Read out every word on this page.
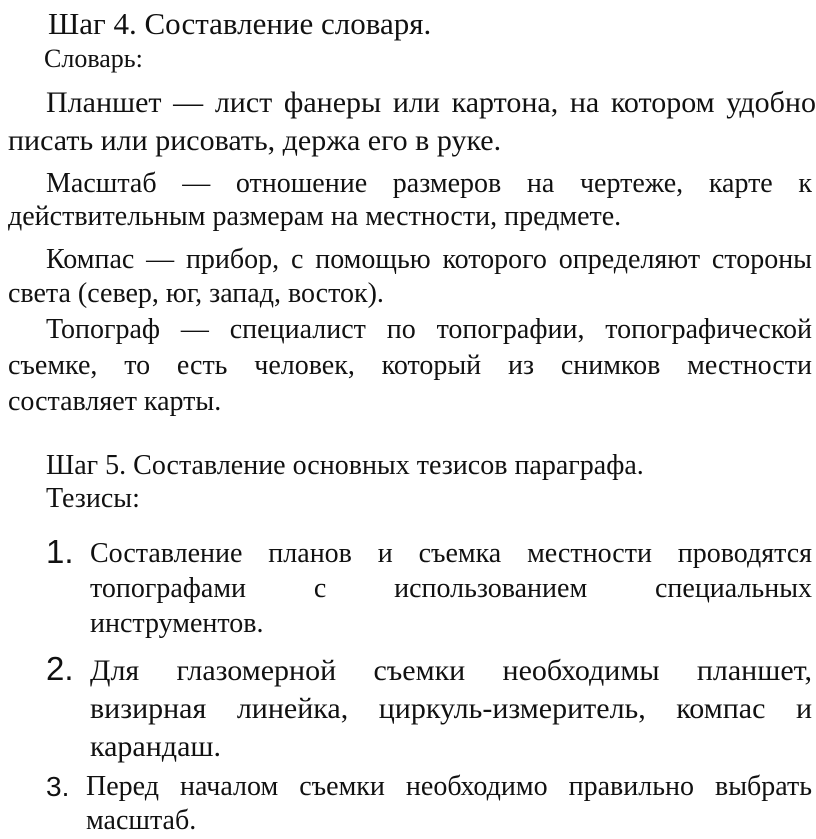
Шаг 4. Составление словаря.
Словарь:
Планшет — лист фанеры или картона, на котором удобно
писать или рисовать, держа его в руке.
Масштаб — отношение размеров на чертеже, карте к
действительным размерам на местности, предмете.
Компас — прибор, с помощью которого определяют стороны
света (север, юг, запад, восток).
Топограф — специалист по топографии, топографической
съемке, то есть человек, который из снимков местности
составляет карты.
Шаг 5. Составление основных тезисов параграфа.
Тезисы:
1. Составление планов и съемка местности проводятся
топографами с использованием специальных
инструментов.
2. Для глазомерной съемки необходимы планшет,
визирная линейка, циркуль-измеритель, компас и
карандаш.
3. Перед началом съемки необходимо правильно выбрать
масштаб.
